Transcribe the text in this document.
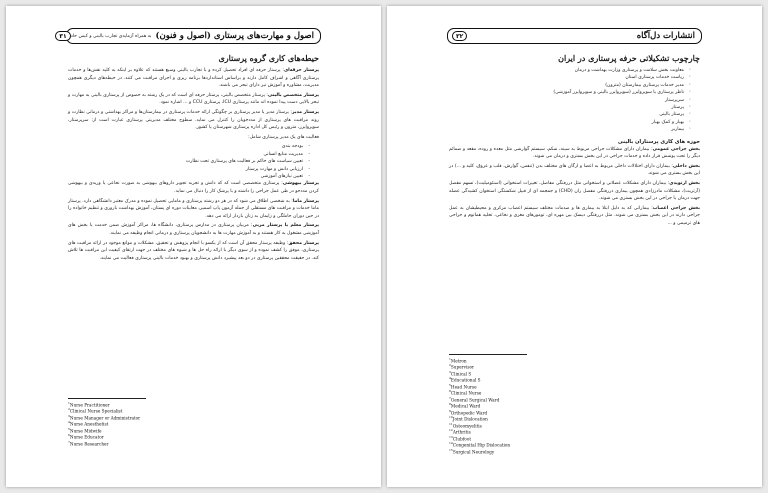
اصول و مهارت‌های پرستاری (اصول و فنون)
به همراه آزمایه‌ی تجارب بالینی و کیس حاد
۳۱
حیطه‌های کاری گروه پرستاری
پرستار حرفه‌ای: پرستار حرفه ای افراد تحصیل کرده و با تجارب بالینی وسیع هستند که علاوه بر اینکه به کلیه نقش‌ها و خدمات پرستاری آگاهی و اشراف کامل دارند و براساس استانداردها برنامه ریزی و اجرای مراقبت می کنند. در حیطه‌های دیگری همچون مدیریت، مشاوره و آموزش نیز دارای تبحر می باشند.
پرستار متخصص بالینی: پرستار متخصص بالینی، پرستار حرفه ای است که در یک رشته به خصوص از پرستاری بالینی به مهارت و تبحر بالایی دست پیدا نموده اند مانند پرستاری ICU، پرستاری CCU و ... اشاره نمود.
پرستار مدیر: پرستار مدیر یا مدیر پرستاری بر چگونگی ارائه خدمات پرستاری در بیمارستان‌ها و مراکز بهداشتی و درمانی نظارت و روند مراقبت های پرستاری از مددجویان را کنترل می نماید. سطوح مختلف مدیریتی پرستاری عبارت است از: سرپرستار، سوپروایزر، مترون و رئیس کل اداره پرستاری شهرستان یا کشور.
فعالیت های یک مدیر پرستاری شامل:
- بودجه بندی
- مدیریت منابع انسانی
- تعیین سیاست های حاکم بر فعالیت های پرستاری تحت نظارت
- ارزیابی دانش و مهارت پرستار
- تعیین نیازهای آموزشی
پرستار بیهوشی: پرستاری متخصصی است که که دانش و تجربه تجویز داروهای بیهوشی به صورت نخاعی یا وریدی و بیهوشی کردن مددجو در طی عمل جراحی را داشته و با پزشک کار را دنبال می نماید.
پرستار ماما: به شخصی اطلاق می شود که در هر دو رشته پرستاری و مامایی تحصیل نموده و مدرک معتبر دانشگاهی دارد. پرستار ماما خدمات و مراقبت های مستقلی از جمله آزمون پاپ اسمیر، معاینات دوره ای پستان، آموزش بهداشت باروری و تنظیم خانواده را در حین دوران حاملگی و زایمان به زنان باردار ارائه می دهد.
پرستار معلم یا پرستار مربی: مربیان پرستاری در مدارس پرستاری، دانشگاه ها، مراکز آموزش ضمن خدمت یا بخش های آموزشی مشغول به کار هستند و به آموزش مهارت ها به دانشجویان پرستاری و درمانی انجام وظیفه می نمایند.
پرستار محقق: وظیفه پرستار محقق آن است که از یکسو با انجام پژوهش و تحقیق، مشکلات و موانع موجود در ارائه مراقبت های پرستاری، موفق را کشف نموده و از سوی دیگر با ارائه راه حل ها و شیوه های مختلف در جهت ارتقای کیفیت این مراقبت ها تلاش کند. در حقیقت محققین پرستاری در دو بعد پیشبرد دانش پرستاری و بهبود خدمات بالینی پرستاری فعالیت می نمایند.
$^1$Nurse Practitioner
$^2$Clinical Nurse Specialist
$^3$Nurse Manager or Administrator
$^4$Nurse Anesthetist
$^5$Nurse Midwife
$^6$Nurse Educator
$^7$Nurse Researcher
انتشارات دل‌آگاه
۳۲
چارچوب تشکیلاتی حرفه پرستاری در ایران
◦ معاونت بخش سلامت و پرستاری وزارت بهداشت و درمان
◦ ریاست خدمات پرستاری استان
◦ مدیر خدمات پرستاری بیمارستان (مترون)
◦ ناظر پرستاری یا سوپروایزر (سوپروایزر بالینی و سوپروایزر آموزشی)
◦ سرپرستار
◦ پرستار
◦ پرستار بالینی
◦ بهیار و کمک بهیار
◦ بیماربر
حوزه های کاری پرستاران بالینی
بخش جراحی عمومی: بیماران دارای مشکلات جراحی مربوط به سینه، شکم، سیستم گوارشی مثل معده و روده، مقعد و ضمائم دیگر را تحت پوشش قرار داده و خدمات جراحی در این بخش بستری و درمان می شوند.
بخش داخلی: بیماران دارای اختلالات داخلی مربوط به اعضا و ارگان های مختلف بدن (تنفس، گوارش، قلب و عروق، کلیه و ...) در این بخش بستری می شوند.
بخش ارتوپدی: بیماران دارای مشکلات عضلانی و استخوانی مثل دررفتگی مفاصل، تغییرات استخوانی (استئومیلیت)، تسهم مفصل (آرتریت)، مشکلات مادرزادی همچون بیماری دررفتگی مفصل ران (CHD) و جمجمه ای از قبیل شکستگی استخوان کشیدگی عضله جهت درمان یا جراحی در این بخش بستری می شوند.
بخش جراحی اعصاب: بیمارانی که به دلیل ابتلا به بیماری ها و صدمات مختلف سیستم اعصاب مرکزی و محیطیشان به عمل جراحی دارند در این بخش بستری می شوند. مثل دررفتگی دیسک بین مهره ای، تومورهای مغزی و نخاعی، تخلیه هماتوم و جراحی های ترمیمی و ...
$^1$Metron
$^2$Supervisor
$^3$Clinical S
$^4$Educational S
$^5$Head Nurse
$^6$Clinical Nurse
$^7$General Surgical Ward
$^8$Medical Ward
$^9$Orthopedic Ward
$^{10}$Joint Dislocation
$^{11}$Osteomyelitis
$^{12}$Arthritis
$^{13}$Clubfoot
$^{14}$Congenital Hip Dislocation
$^{15}$Surgical Neurology
